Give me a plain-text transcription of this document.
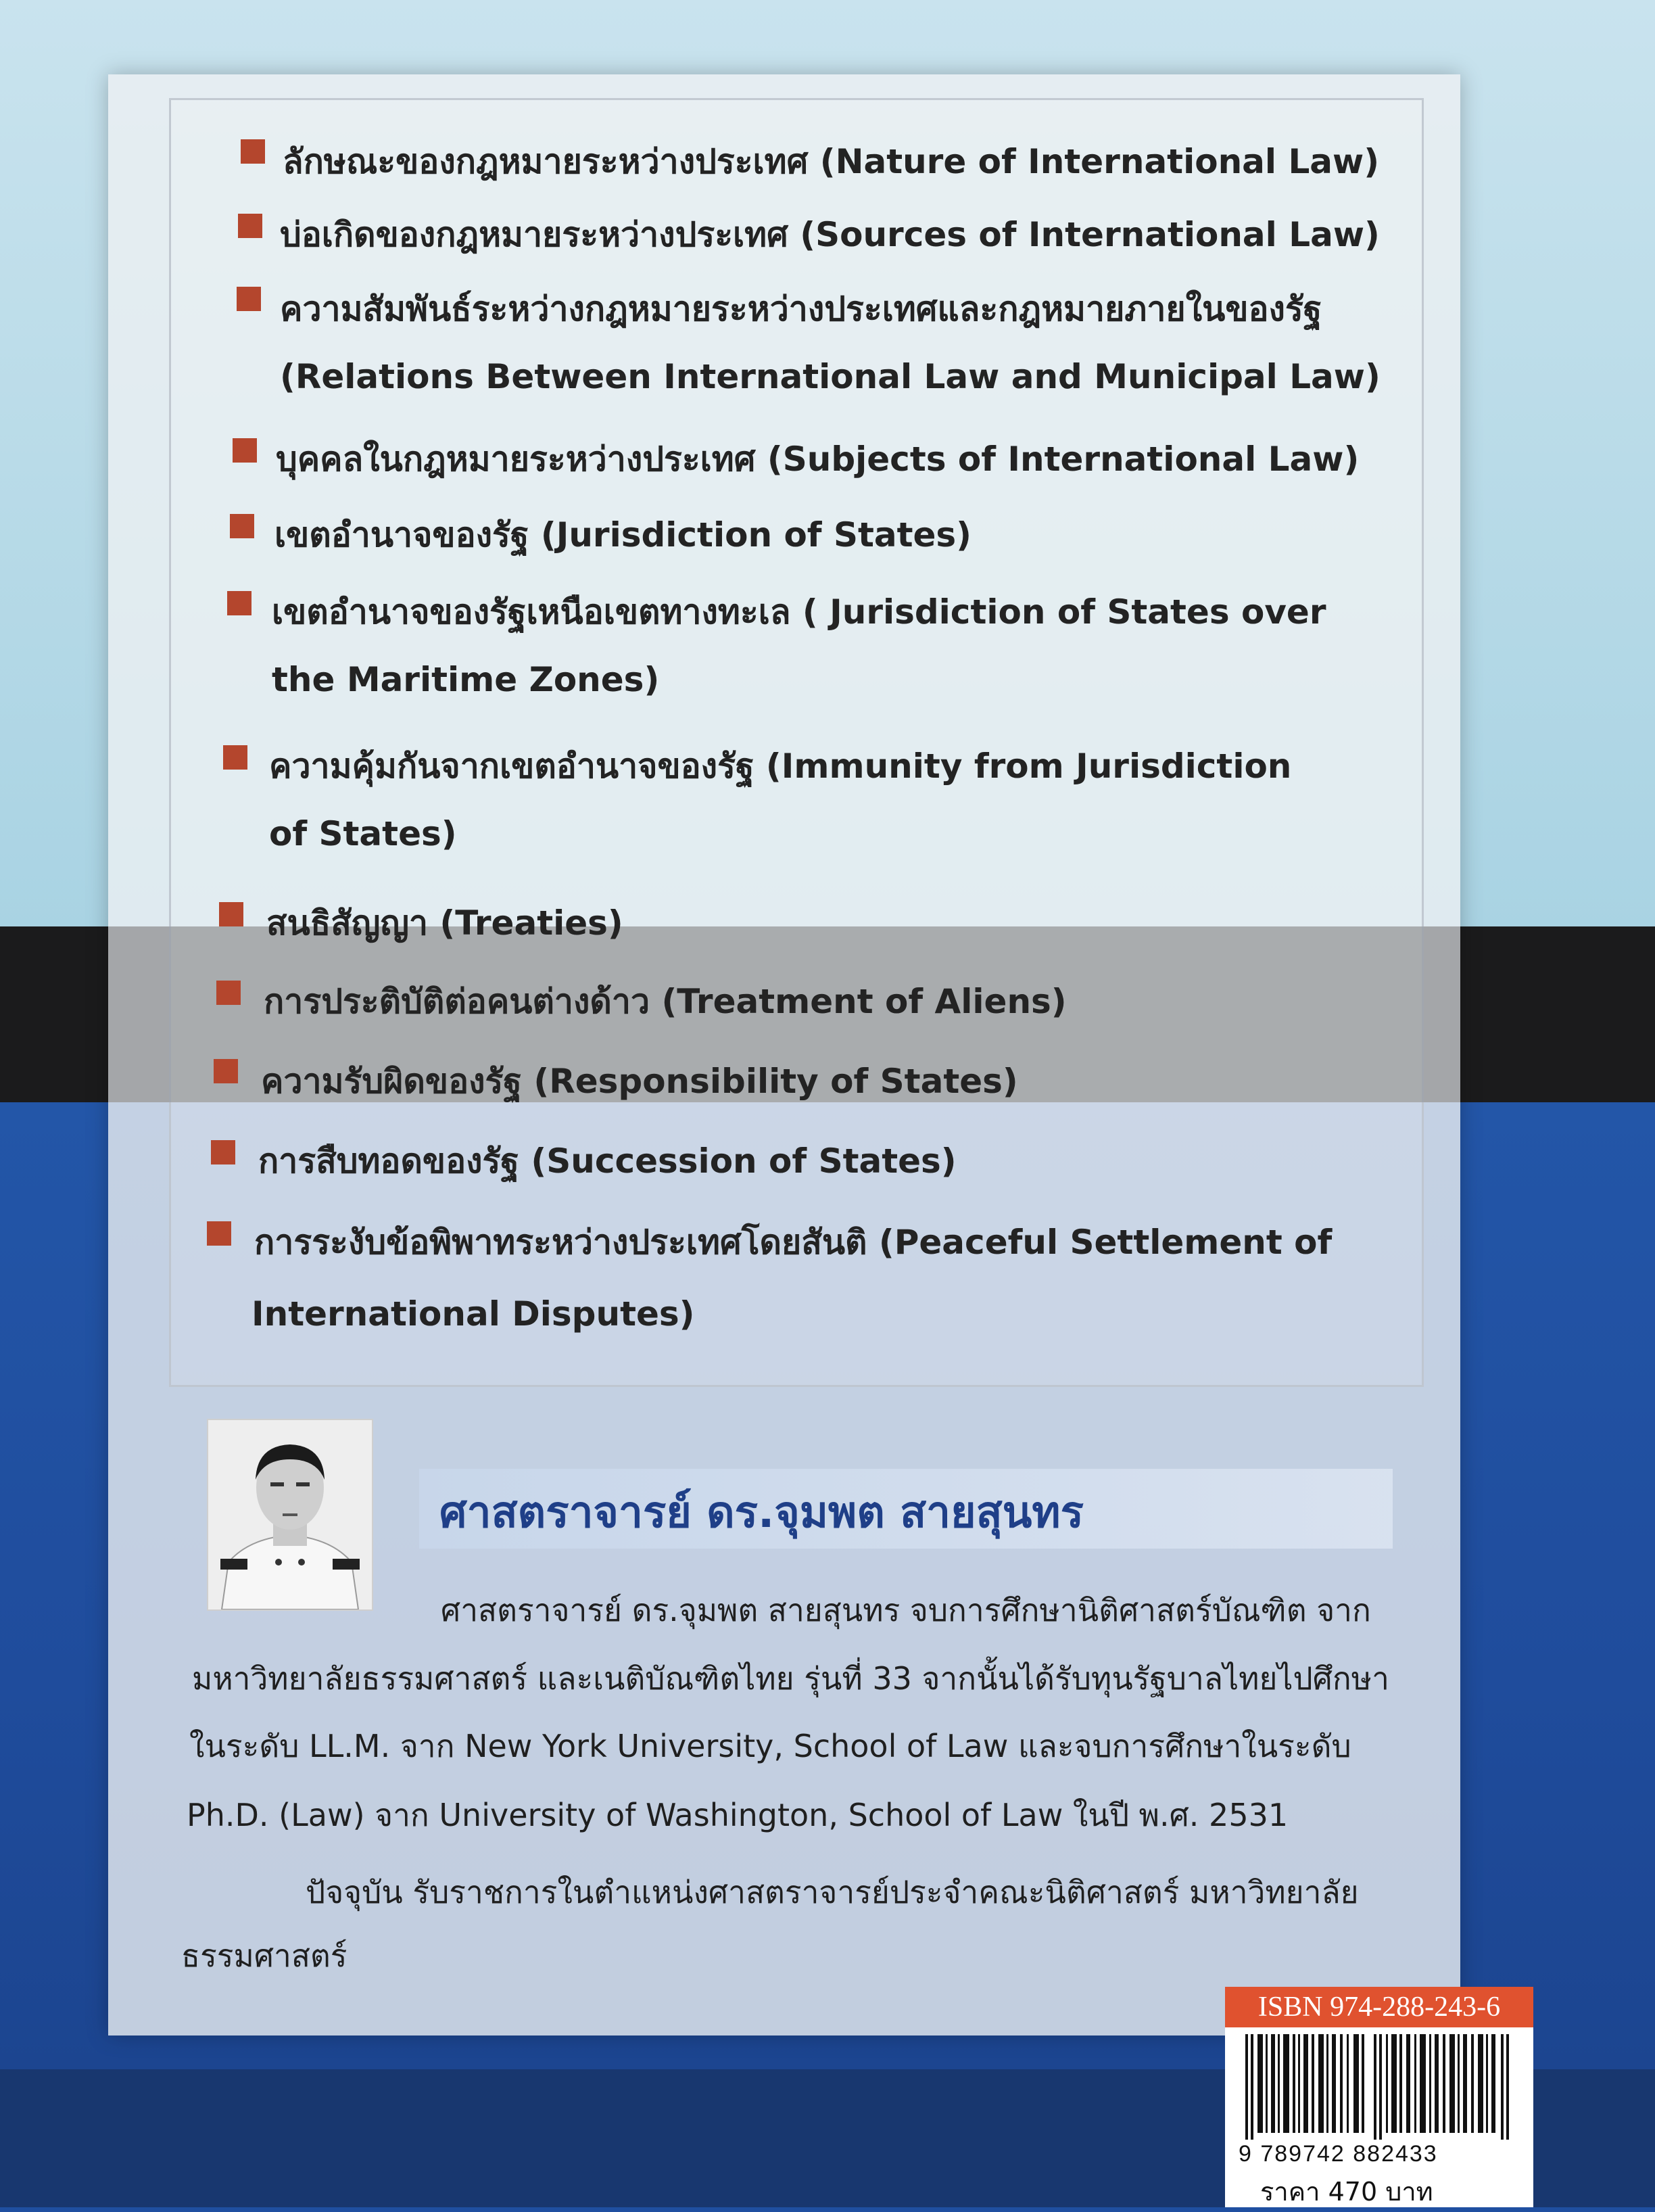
ลักษณะของกฎหมายระหว่างประเทศ (Nature of International Law)
บ่อเกิดของกฎหมายระหว่างประเทศ (Sources of International Law)
ความสัมพันธ์ระหว่างกฎหมายระหว่างประเทศและกฎหมายภายในของรัฐ
(Relations Between International Law and Municipal Law)
บุคคลในกฎหมายระหว่างประเทศ (Subjects of International Law)
เขตอำนาจของรัฐ (Jurisdiction of States)
เขตอำนาจของรัฐเหนือเขตทางทะเล ( Jurisdiction of States over
the Maritime Zones)
ความคุ้มกันจากเขตอำนาจของรัฐ (Immunity from Jurisdiction
of States)
สนธิสัญญา (Treaties)
การประติบัติต่อคนต่างด้าว (Treatment of Aliens)
ความรับผิดของรัฐ (Responsibility of States)
การสืบทอดของรัฐ (Succession of States)
การระงับข้อพิพาทระหว่างประเทศโดยสันติ (Peaceful Settlement of
International Disputes)
ศาสตราจารย์ ดร.จุมพต สายสุนทร
ศาสตราจารย์ ดร.จุมพต สายสุนทร จบการศึกษานิติศาสตร์บัณฑิต จาก
มหาวิทยาลัยธรรมศาสตร์ และเนติบัณฑิตไทย รุ่นที่ 33 จากนั้นได้รับทุนรัฐบาลไทยไปศึกษา
ในระดับ LL.M. จาก New York University, School of Law และจบการศึกษาในระดับ
Ph.D. (Law) จาก University of Washington, School of Law ในปี พ.ศ. 2531
ปัจจุบัน รับราชการในตำแหน่งศาสตราจารย์ประจำคณะนิติศาสตร์ มหาวิทยาลัย
ธรรมศาสตร์
ISBN 974-288-243-6
9 789742 882433
ราคา 470 บาท
